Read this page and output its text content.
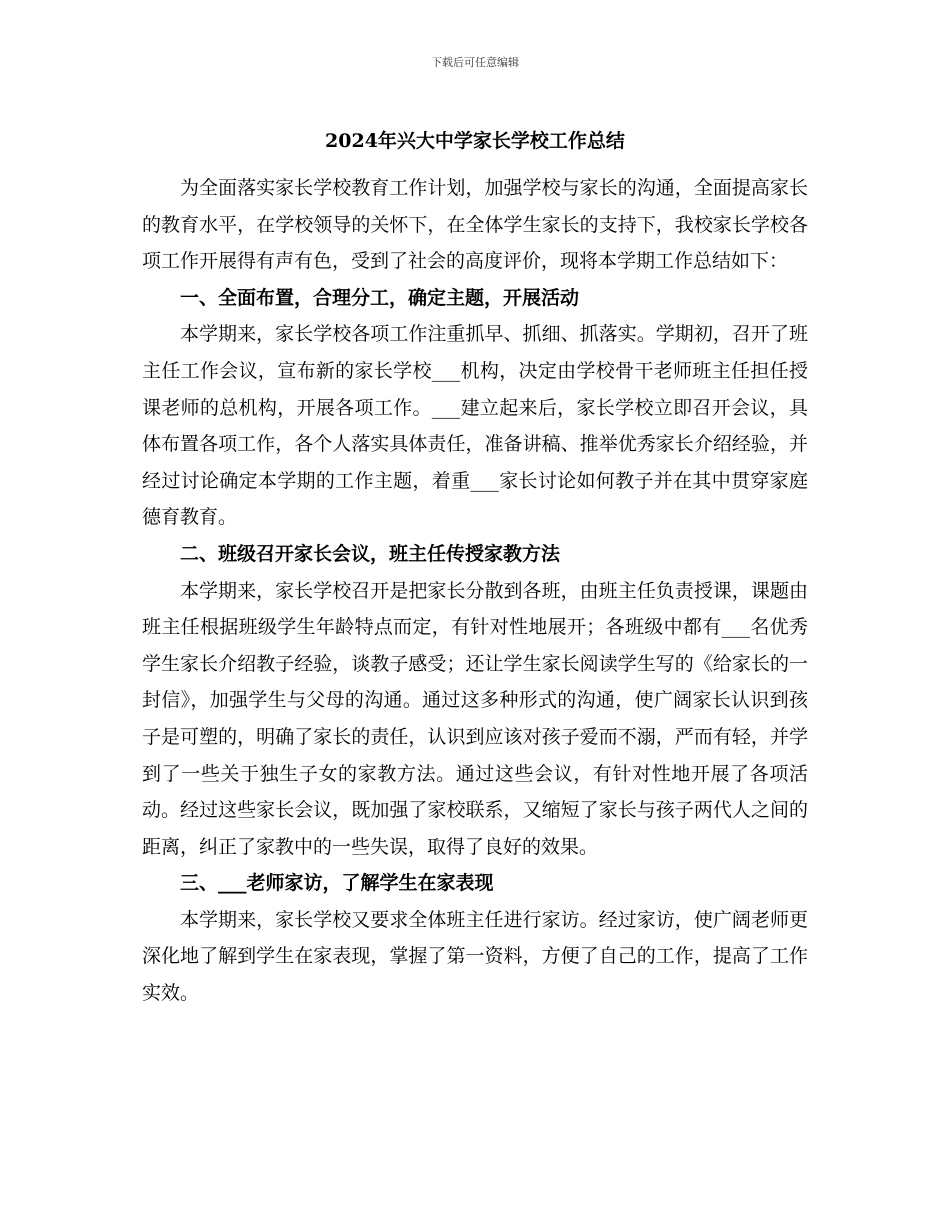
下载后可任意编辑
2024年兴大中学家长学校工作总结

为全面落实家长学校教育工作计划，加强学校与家长的沟通，全面提高家长的教育水平，在学校领导的关怀下，在全体学生家长的支持下，我校家长学校各项工作开展得有声有色，受到了社会的高度评价，现将本学期工作总结如下：

一、全面布置，合理分工，确定主题，开展活动

本学期来，家长学校各项工作注重抓早、抓细、抓落实。学期初，召开了班主任工作会议，宣布新的家长学校___机构，决定由学校骨干老师班主任担任授课老师的总机构，开展各项工作。___建立起来后，家长学校立即召开会议，具体布置各项工作，各个人落实具体责任，准备讲稿、推举优秀家长介绍经验，并经过讨论确定本学期的工作主题，着重___家长讨论如何教子并在其中贯穿家庭德育教育。

二、班级召开家长会议，班主任传授家教方法

本学期来，家长学校召开是把家长分散到各班，由班主任负责授课，课题由班主任根据班级学生年龄特点而定，有针对性地展开；各班级中都有___名优秀学生家长介绍教子经验，谈教子感受；还让学生家长阅读学生写的《给家长的一封信》，加强学生与父母的沟通。通过这多种形式的沟通，使广阔家长认识到孩子是可塑的，明确了家长的责任，认识到应该对孩子爱而不溺，严而有轻，并学到了一些关于独生子女的家教方法。通过这些会议，有针对性地开展了各项活动。经过这些家长会议，既加强了家校联系，又缩短了家长与孩子两代人之间的距离，纠正了家教中的一些失误，取得了良好的效果。

三、___老师家访，了解学生在家表现

本学期来，家长学校又要求全体班主任进行家访。经过家访，使广阔老师更深化地了解到学生在家表现，掌握了第一资料，方便了自己的工作，提高了工作实效。
